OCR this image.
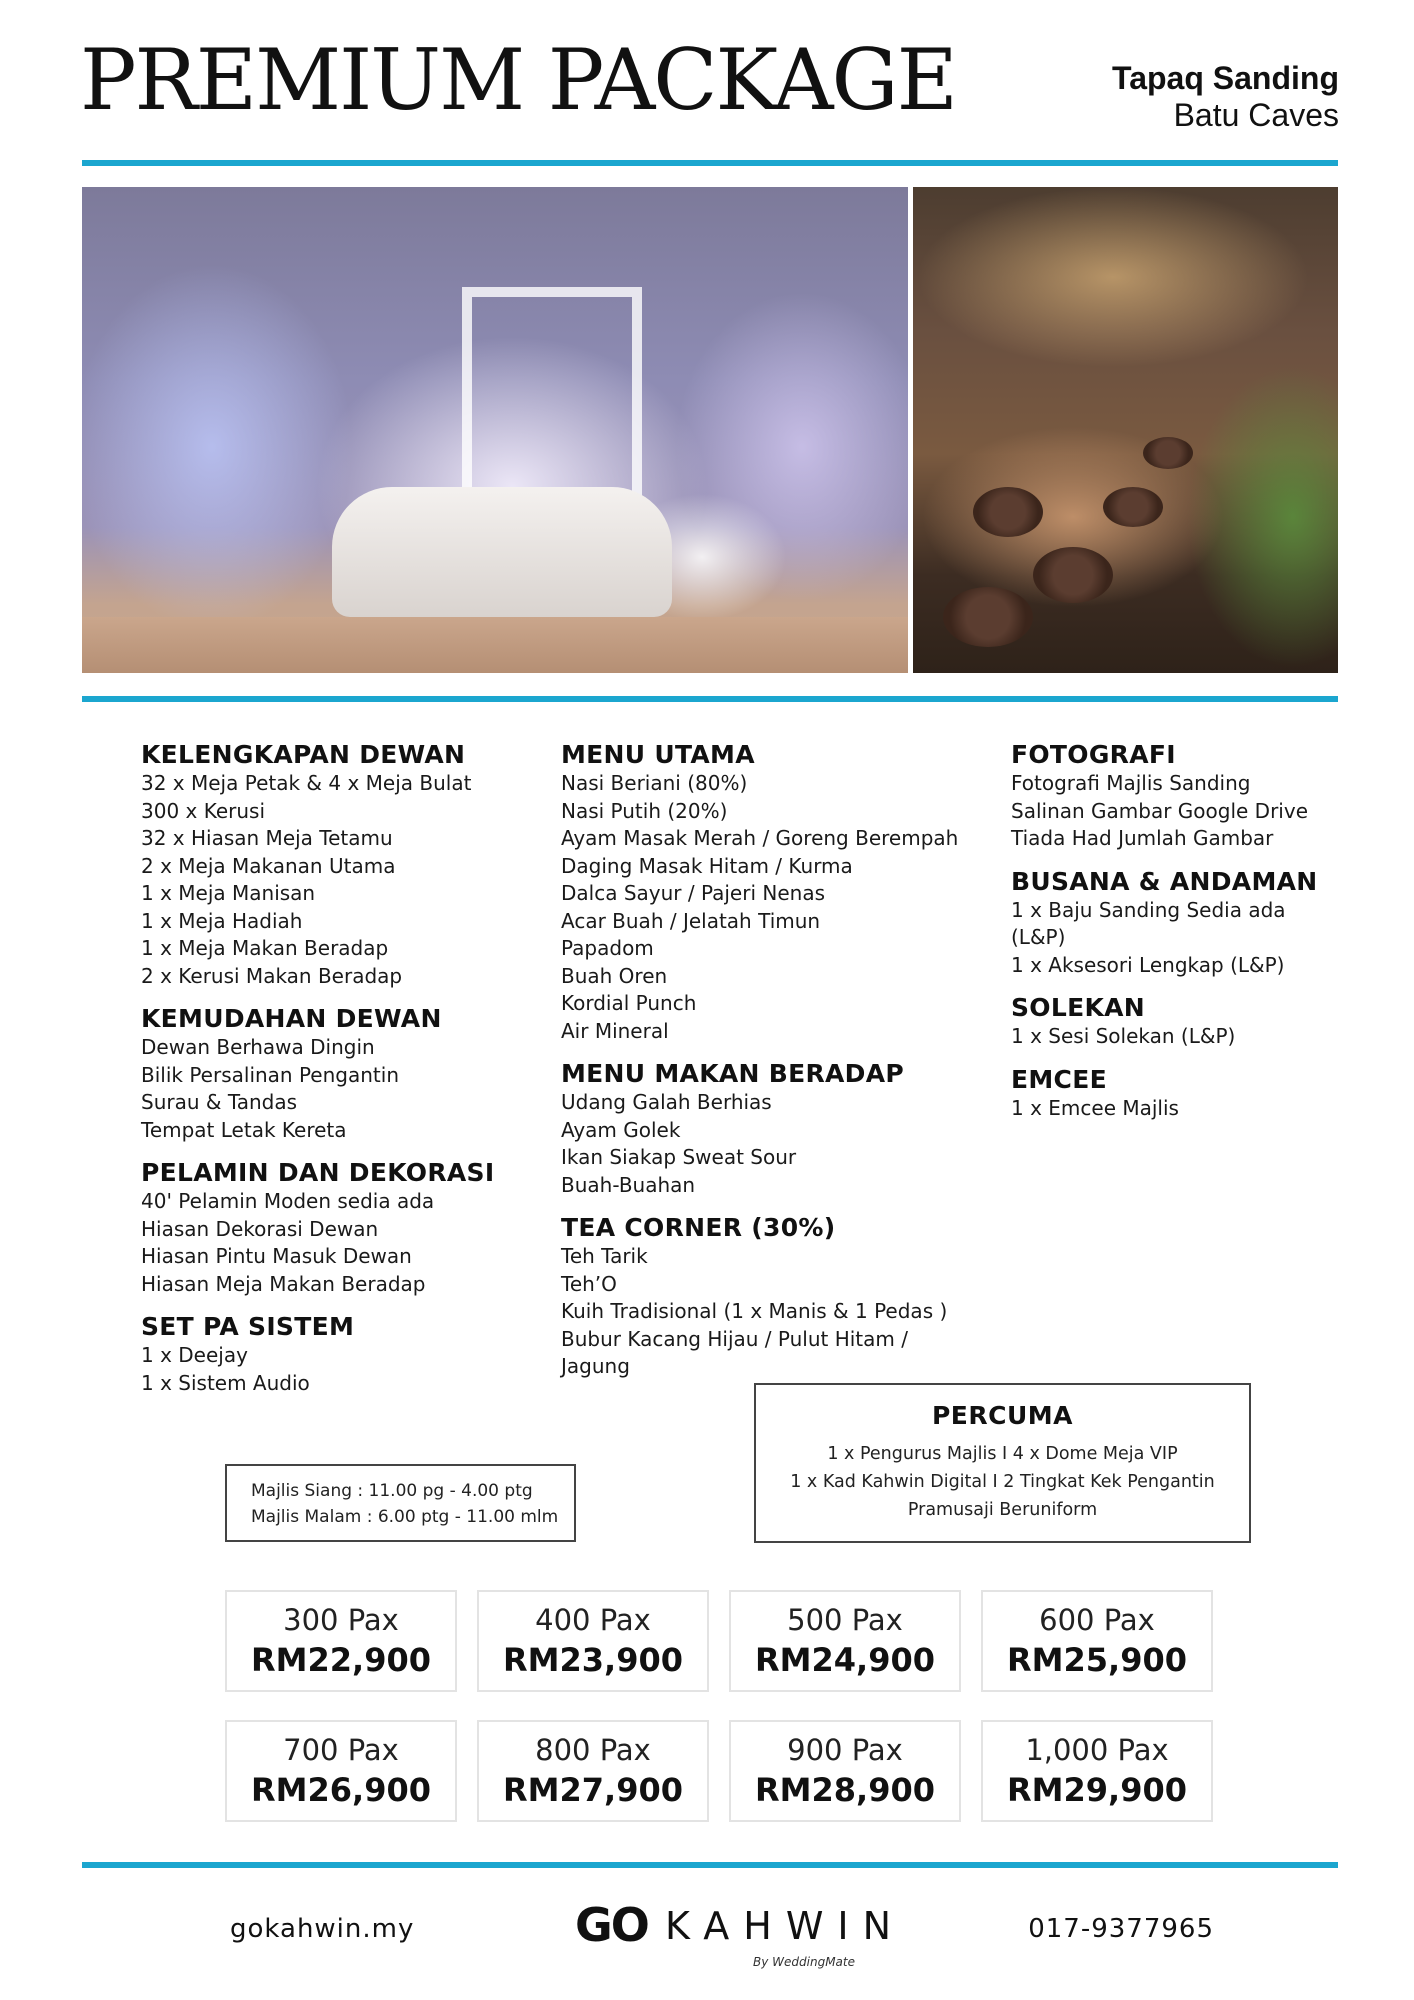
PREMIUM PACKAGE	Tapaq Sanding
Batu Caves
KELENGKAPAN DEWAN
32 x Meja Petak & 4 x Meja Bulat
300 x Kerusi
32 x Hiasan Meja Tetamu
2 x Meja Makanan Utama
1 x Meja Manisan
1 x Meja Hadiah
1 x Meja Makan Beradap
2 x Kerusi Makan Beradap
KEMUDAHAN DEWAN
Dewan Berhawa Dingin
Bilik Persalinan Pengantin
Surau & Tandas
Tempat Letak Kereta
PELAMIN DAN DEKORASI
40' Pelamin Moden sedia ada
Hiasan Dekorasi Dewan
Hiasan Pintu Masuk Dewan
Hiasan Meja Makan Beradap
SET PA SISTEM
1 x Deejay
1 x Sistem Audio
MENU UTAMA
Nasi Beriani (80%)
Nasi Putih (20%)
Ayam Masak Merah / Goreng Berempah
Daging Masak Hitam / Kurma
Dalca Sayur / Pajeri Nenas
Acar Buah / Jelatah Timun
Papadom
Buah Oren
Kordial Punch
Air Mineral
MENU MAKAN BERADAP
Udang Galah Berhias
Ayam Golek
Ikan Siakap Sweat Sour
Buah-Buahan
TEA CORNER (30%)
Teh Tarik
Teh’O
Kuih Tradisional (1 x Manis & 1 Pedas )
Bubur Kacang Hijau / Pulut Hitam / Jagung
FOTOGRAFI
Fotografi Majlis Sanding
Salinan Gambar Google Drive
Tiada Had Jumlah Gambar
BUSANA & ANDAMAN
1 x Baju Sanding Sedia ada (L&P)
1 x Aksesori Lengkap (L&P)
SOLEKAN
1 x Sesi Solekan (L&P)
EMCEE
1 x Emcee Majlis
PERCUMA
1 x Pengurus Majlis I 4 x Dome Meja VIP
1 x Kad Kahwin Digital I 2 Tingkat Kek Pengantin
Pramusaji Beruniform
Majlis Siang : 11.00 pg - 4.00 ptg
Majlis Malam : 6.00 ptg - 11.00 mlm
300 Pax
RM22,900
400 Pax
RM23,900
500 Pax
RM24,900
600 Pax
RM25,900
700 Pax
RM26,900
800 Pax
RM27,900
900 Pax
RM28,900
1,000 Pax
RM29,900
gokahwin.my	GO KAHWIN
By WeddingMate
017-9377965
